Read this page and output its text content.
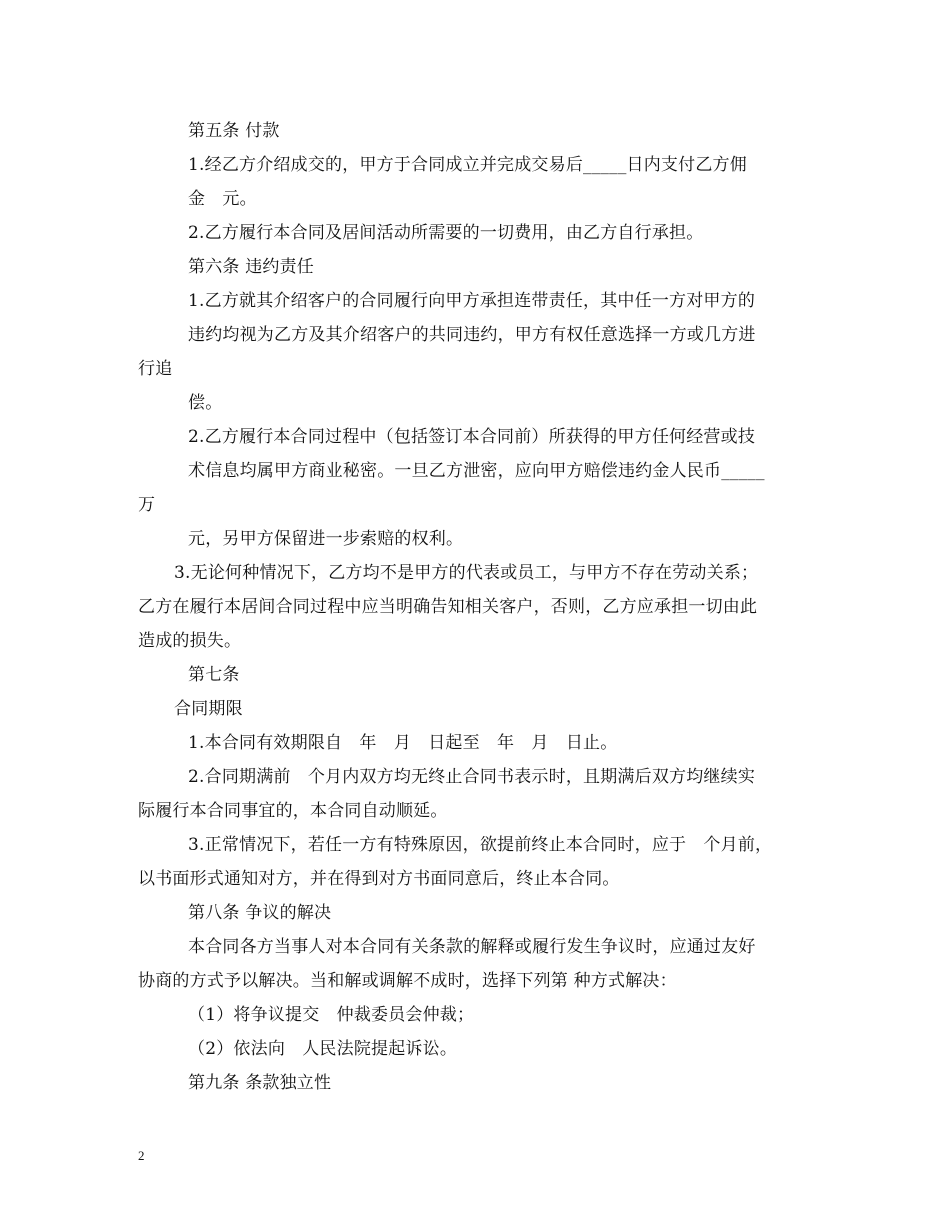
第五条 付款
1.经乙方介绍成交的，甲方于合同成立并完成交易后_____日内支付乙方佣
金　元。
2.乙方履行本合同及居间活动所需要的一切费用，由乙方自行承担。
第六条 违约责任
1.乙方就其介绍客户的合同履行向甲方承担连带责任，其中任一方对甲方的
违约均视为乙方及其介绍客户的共同违约，甲方有权任意选择一方或几方进
行追
偿。
2.乙方履行本合同过程中（包括签订本合同前）所获得的甲方任何经营或技
术信息均属甲方商业秘密。一旦乙方泄密，应向甲方赔偿违约金人民币_____
万
元，另甲方保留进一步索赔的权利。
3.无论何种情况下，乙方均不是甲方的代表或员工，与甲方不存在劳动关系；
乙方在履行本居间合同过程中应当明确告知相关客户，否则，乙方应承担一切由此
造成的损失。
第七条
合同期限
1.本合同有效期限自　年　月　日起至　年　月　日止。
2.合同期满前　个月内双方均无终止合同书表示时，且期满后双方均继续实
际履行本合同事宜的，本合同自动顺延。
3.正常情况下，若任一方有特殊原因，欲提前终止本合同时，应于　个月前，
以书面形式通知对方，并在得到对方书面同意后，终止本合同。
第八条 争议的解决
本合同各方当事人对本合同有关条款的解释或履行发生争议时，应通过友好
协商的方式予以解决。当和解或调解不成时，选择下列第 种方式解决：
（1）将争议提交　仲裁委员会仲裁；
（2）依法向　人民法院提起诉讼。
第九条 条款独立性
2
